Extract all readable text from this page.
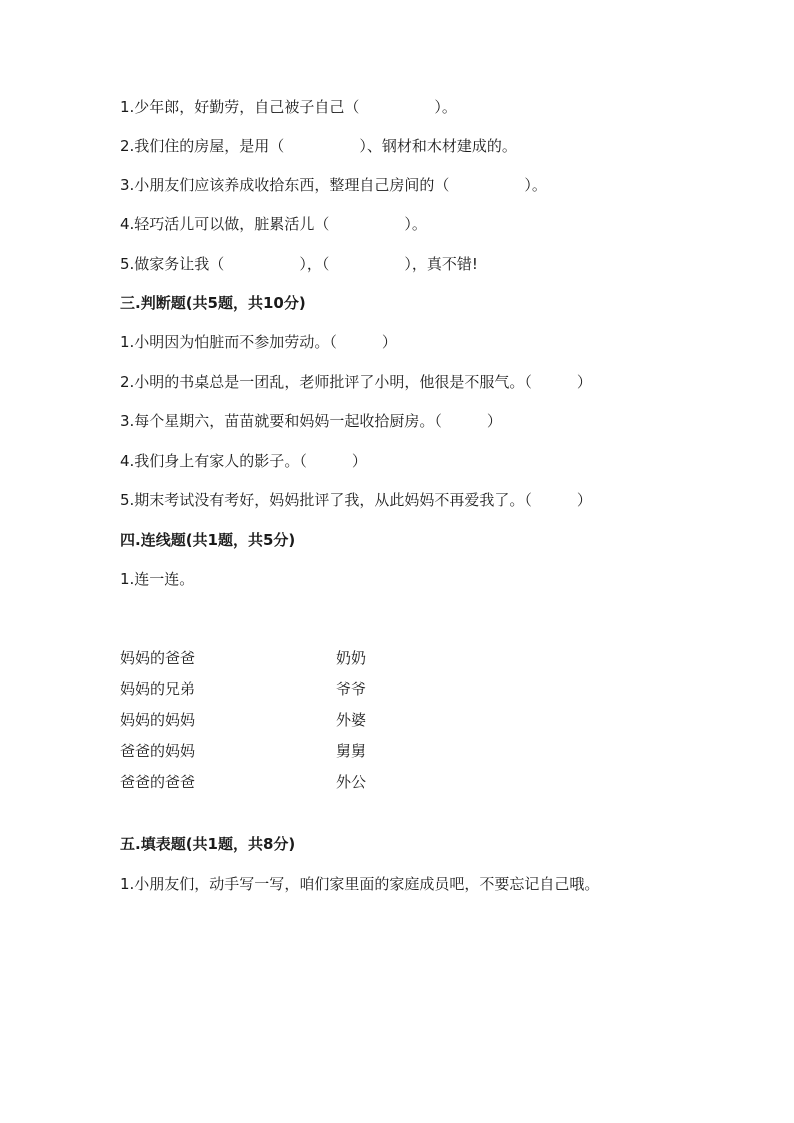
1.少年郎，好勤劳，自己被子自己（　　　　　）。
2.我们住的房屋，是用（　　　　　）、钢材和木材建成的。
3.小朋友们应该养成收拾东西，整理自己房间的（　　　　　）。
4.轻巧活儿可以做，脏累活儿（　　　　　）。
5.做家务让我（　　　　　），（　　　　　），真不错!
三.判断题(共5题，共10分)
1.小明因为怕脏而不参加劳动。（　　　）
2.小明的书桌总是一团乱，老师批评了小明，他很是不服气。（　　　）
3.每个星期六，苗苗就要和妈妈一起收拾厨房。（　　　）
4.我们身上有家人的影子。（　　　）
5.期末考试没有考好，妈妈批评了我，从此妈妈不再爱我了。（　　　）
四.连线题(共1题，共5分)
1.连一连。
妈妈的爸爸
妈妈的兄弟
妈妈的妈妈
爸爸的妈妈
爸爸的爸爸
奶奶
爷爷
外婆
舅舅
外公
五.填表题(共1题，共8分)
1.小朋友们，动手写一写，咱们家里面的家庭成员吧，不要忘记自己哦。
